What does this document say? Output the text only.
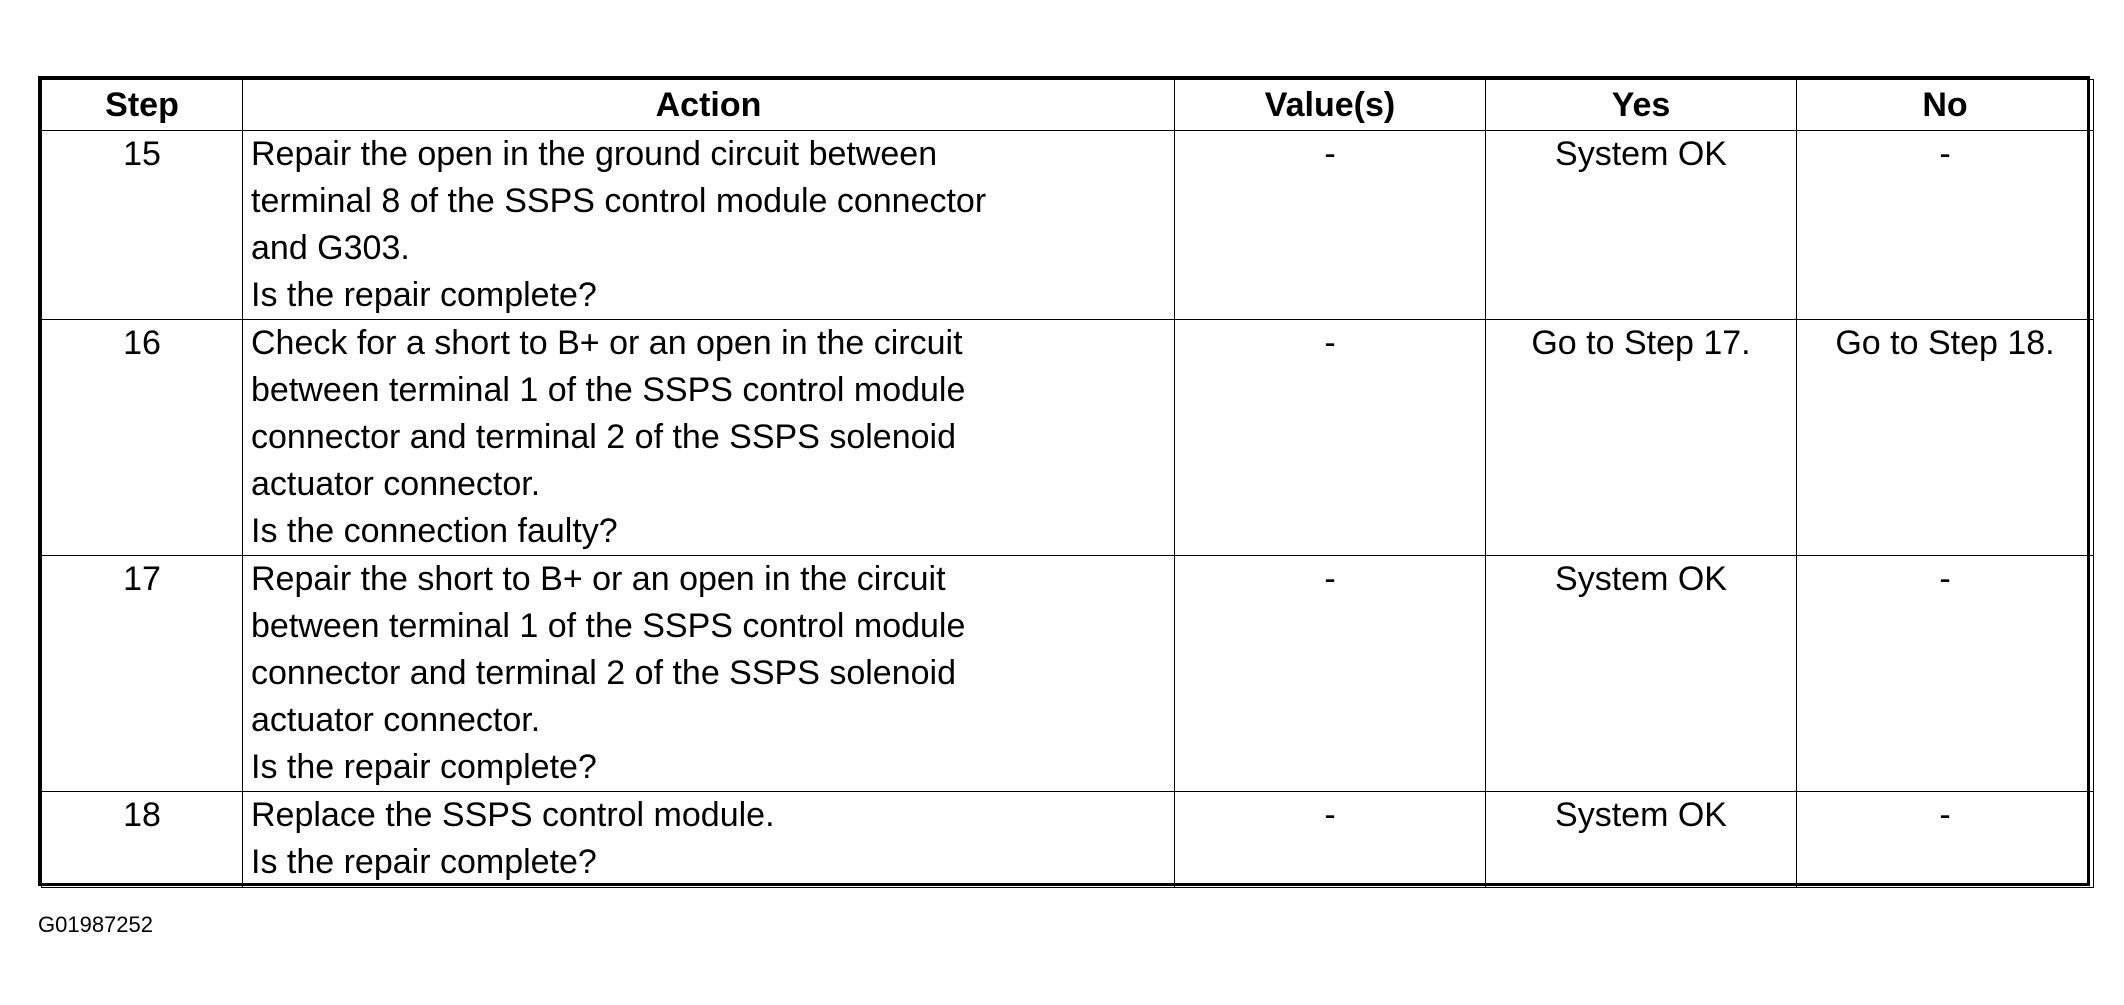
Step	Action	Value(s)	Yes	No
15	Repair the open in the ground circuit between
terminal 8 of the SSPS control module connector
and G303.
Is the repair complete?	-	System OK	-
16	Check for a short to B+ or an open in the circuit
between terminal 1 of the SSPS control module
connector and terminal 2 of the SSPS solenoid
actuator connector.
Is the connection faulty?	-	Go to Step 17.	Go to Step 18.
17	Repair the short to B+ or an open in the circuit
between terminal 1 of the SSPS control module
connector and terminal 2 of the SSPS solenoid
actuator connector.
Is the repair complete?	-	System OK	-
18	Replace the SSPS control module.
Is the repair complete?	-	System OK	-
G01987252
